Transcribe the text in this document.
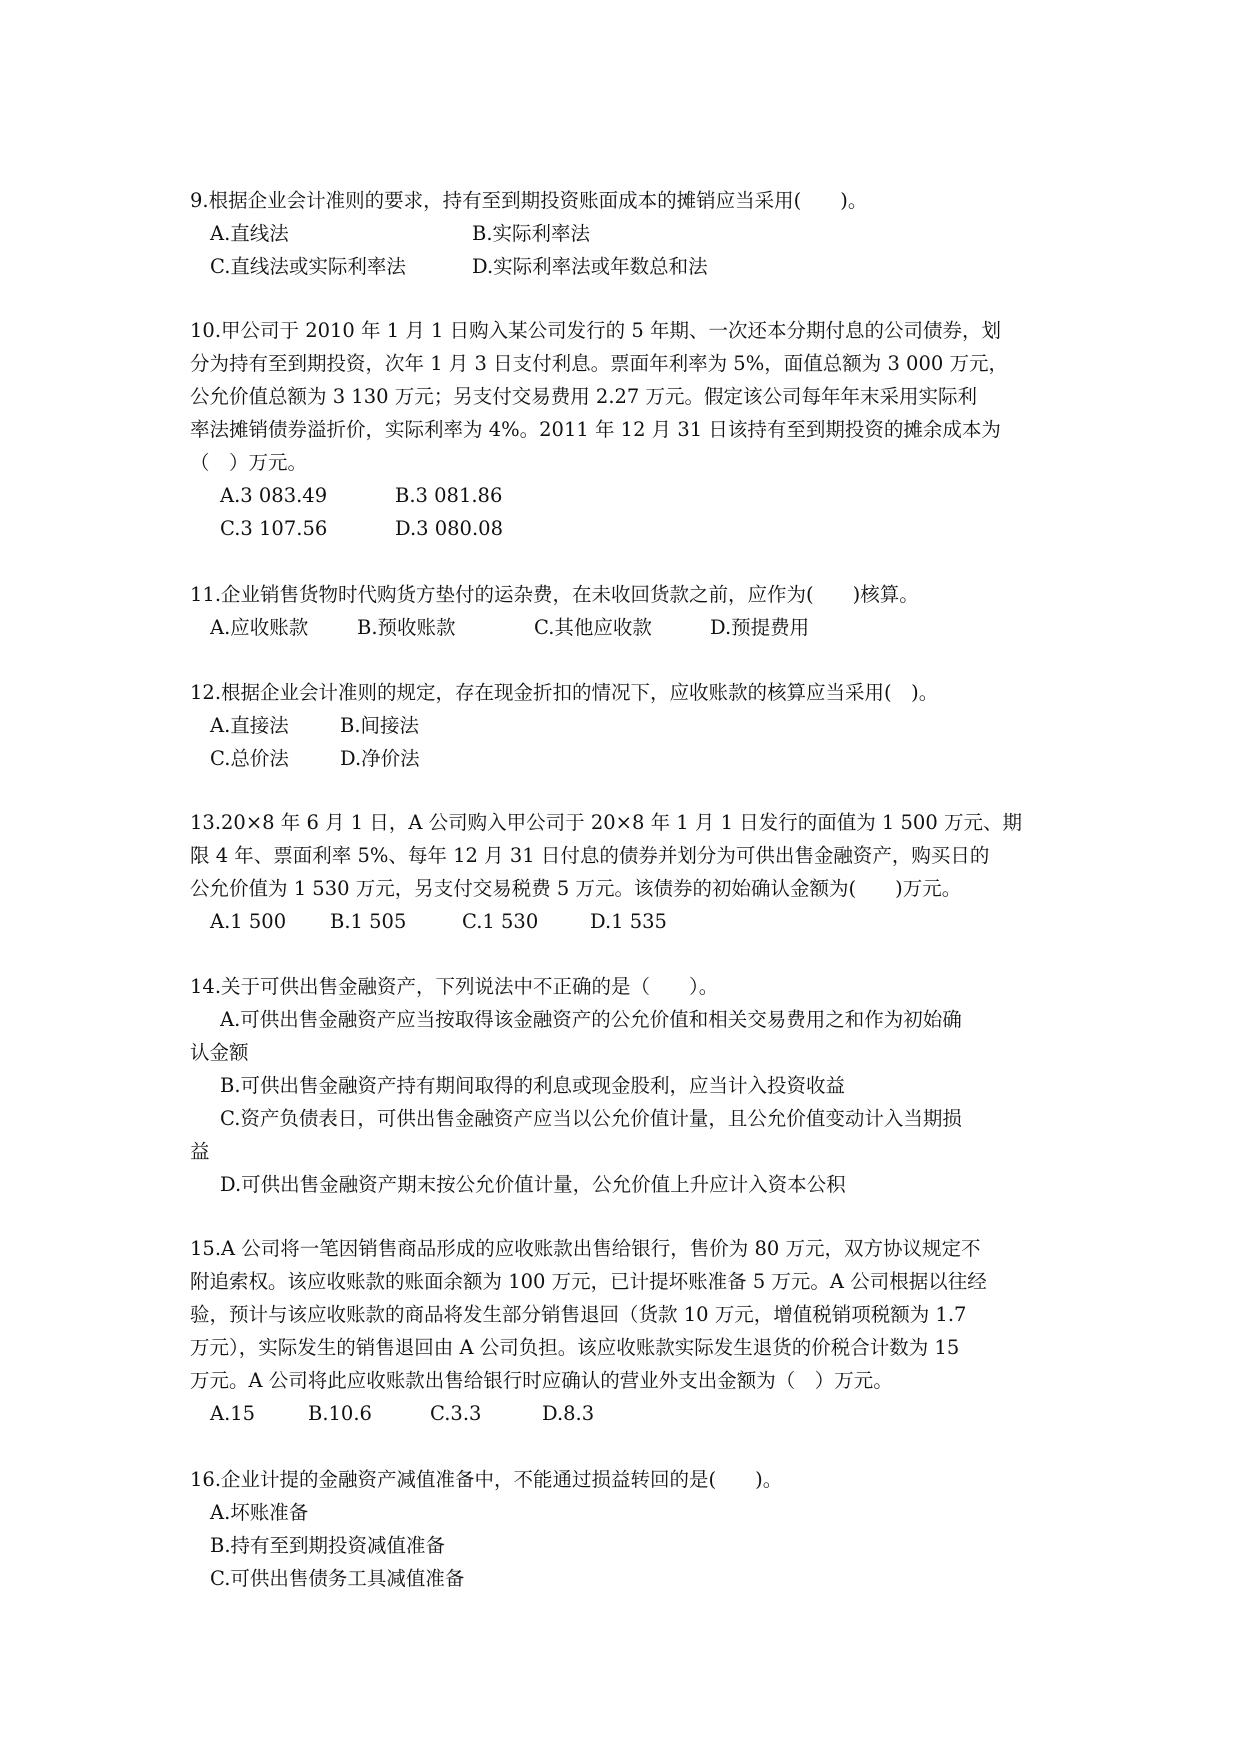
9.根据企业会计准则的要求，持有至到期投资账面成本的摊销应当采用(　　)。
A.直线法	B.实际利率法
C.直线法或实际利率法	D.实际利率法或年数总和法
10.甲公司于 2010 年 1 月 1 日购入某公司发行的 5 年期、一次还本分期付息的公司债券，划
分为持有至到期投资，次年 1 月 3 日支付利息。票面年利率为 5%，面值总额为 3 000 万元，
公允价值总额为 3 130 万元；另支付交易费用 2.27 万元。假定该公司每年年末采用实际利
率法摊销债券溢折价，实际利率为 4%。2011 年 12 月 31 日该持有至到期投资的摊余成本为
（　）万元。
A.3 083.49	B.3 081.86
C.3 107.56	D.3 080.08
11.企业销售货物时代购货方垫付的运杂费，在未收回货款之前，应作为(　　)核算。
A.应收账款 B.预收账款	C.其他应收款	D.预提费用
12.根据企业会计准则的规定，存在现金折扣的情况下，应收账款的核算应当采用(　)。
A.直接法	B.间接法
C.总价法	D.净价法
13.20×8 年 6 月 1 日，A 公司购入甲公司于 20×8 年 1 月 1 日发行的面值为 1 500 万元、期
限 4 年、票面利率 5%、每年 12 月 31 日付息的债券并划分为可供出售金融资产，购买日的
公允价值为 1 530 万元，另支付交易税费 5 万元。该债券的初始确认金额为(　　)万元。
A.1 500 B.1 505	C.1 530	D.1 535
14.关于可供出售金融资产，下列说法中不正确的是（　　）。
A.可供出售金融资产应当按取得该金融资产的公允价值和相关交易费用之和作为初始确
认金额
B.可供出售金融资产持有期间取得的利息或现金股利，应当计入投资收益
C.资产负债表日，可供出售金融资产应当以公允价值计量，且公允价值变动计入当期损
益
D.可供出售金融资产期末按公允价值计量，公允价值上升应计入资本公积
15.A 公司将一笔因销售商品形成的应收账款出售给银行，售价为 80 万元，双方协议规定不
附追索权。该应收账款的账面余额为 100 万元，已计提坏账准备 5 万元。A 公司根据以往经
验，预计与该应收账款的商品将发生部分销售退回（货款 10 万元，增值税销项税额为 1.7
万元），实际发生的销售退回由 A 公司负担。该应收账款实际发生退货的价税合计数为 15
万元。A 公司将此应收账款出售给银行时应确认的营业外支出金额为（　）万元。
A.15	B.10.6	C.3.3	D.8.3
16.企业计提的金融资产减值准备中，不能通过损益转回的是(　　)。
A.坏账准备
B.持有至到期投资减值准备
C.可供出售债务工具减值准备
